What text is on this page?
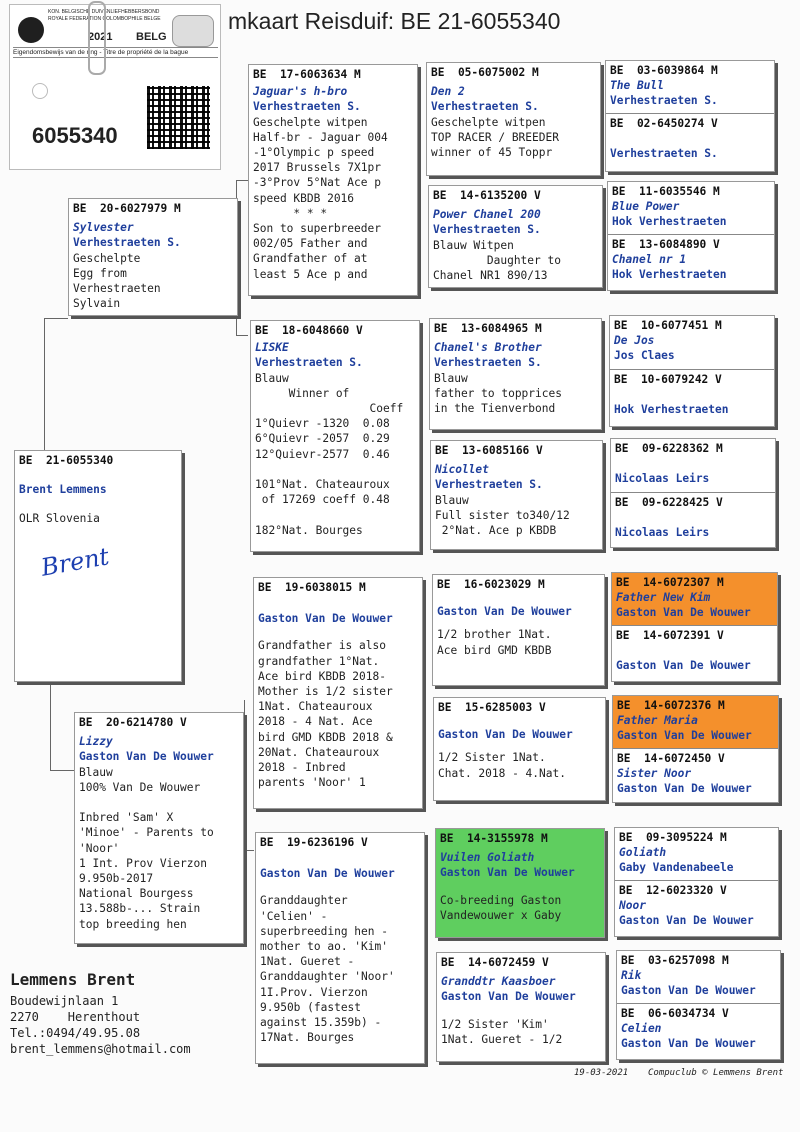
mkaart Reisduif: BE 21-6055340
KON. BELGISCHE DUIVENLIEFHEBBERSBOND
ROYALE FEDERATION COLOMBOPHILE BELGE
2021 BELG
Eigendomsbewijs van de ring - Titre de propriété de la bague
6055340
BE  21-6055340
Brent Lemmens
OLR Slovenia
Brent
BE  20-6027979 M
Sylvester
Verhestraeten S.
Geschelpte
Egg from
Verhestraeten
Sylvain
BE  20-6214780 V
Lizzy
Gaston Van De Wouwer
Blauw
100% Van De Wouwer

Inbred 'Sam' X
'Minoe' - Parents to
'Noor'
1 Int. Prov Vierzon
9.950b-2017
National Bourgess
13.588b-... Strain
top breeding hen
BE  17-6063634 M
Jaguar's h-bro
Verhestraeten S.
Geschelpte witpen
Half-br - Jaguar 004
-1°Olympic p speed
2017 Brussels 7X1pr
-3°Prov 5°Nat Ace p
speed KBDB 2016
* * *
Son to superbreeder
002/05 Father and
Grandfather of at
least 5 Ace p and
BE  18-6048660 V
LISKE
Verhestraeten S.
Blauw
Winner of
Coeff
1°Quievr -1320  0.08
6°Quievr -2057  0.29
12°Quievr-2577  0.46

101°Nat. Chateauroux
of 17269 coeff 0.48

182°Nat. Bourges
BE  19-6038015 M
Gaston Van De Wouwer
Grandfather is also
grandfather 1°Nat.
Ace bird KBDB 2018-
Mother is 1/2 sister
1Nat. Chateauroux
2018 - 4 Nat. Ace
bird GMD KBDB 2018 &
20Nat. Chateauroux
2018 - Inbred
parents 'Noor' 1
BE  19-6236196 V
Gaston Van De Wouwer
Granddaughter
'Celien' -
superbreeding hen -
mother to ao. 'Kim'
1Nat. Gueret -
Granddaughter 'Noor'
1I.Prov. Vierzon
9.950b (fastest
against 15.359b) -
17Nat. Bourges
BE  05-6075002 M
Den 2
Verhestraeten S.
Geschelpte witpen
TOP RACER / BREEDER
winner of 45 Toppr
BE  14-6135200 V
Power Chanel 200
Verhestraeten S.
Blauw Witpen
Daughter to
Chanel NR1 890/13
BE  13-6084965 M
Chanel's Brother
Verhestraeten S.
Blauw
father to topprices
in the Tienverbond
BE  13-6085166 V
Nicollet
Verhestraeten S.
Blauw
Full sister to340/12
2°Nat. Ace p KBDB
BE  16-6023029 M
Gaston Van De Wouwer
1/2 brother 1Nat.
Ace bird GMD KBDB
BE  15-6285003 V
Gaston Van De Wouwer
1/2 Sister 1Nat.
Chat. 2018 - 4.Nat.
BE  14-3155978 M
Vuilen Goliath
Gaston Van De Wouwer
Co-breeding Gaston
Vandewouwer x Gaby
BE  14-6072459 V
Granddtr Kaasboer
Gaston Van De Wouwer
1/2 Sister 'Kim'
1Nat. Gueret - 1/2
BE  03-6039864 M
The Bull
Verhestraeten S.
BE  02-6450274 V
Verhestraeten S.
BE  11-6035546 M
Blue Power
Hok Verhestraeten
BE  13-6084890 V
Chanel nr 1
Hok Verhestraeten
BE  10-6077451 M
De Jos
Jos Claes
BE  10-6079242 V
Hok Verhestraeten
BE  09-6228362 M
Nicolaas Leirs
BE  09-6228425 V
Nicolaas Leirs
BE  14-6072307 M
Father New Kim
Gaston Van De Wouwer
BE  14-6072391 V
Gaston Van De Wouwer
BE  14-6072376 M
Father Maria
Gaston Van De Wouwer
BE  14-6072450 V
Sister Noor
Gaston Van De Wouwer
BE  09-3095224 M
Goliath
Gaby Vandenabeele
BE  12-6023320 V
Noor
Gaston Van De Wouwer
BE  03-6257098 M
Rik
Gaston Van De Wouwer
BE  06-6034734 V
Celien
Gaston Van De Wouwer
Lemmens Brent
Boudewijnlaan 1
2270    Herenthout
Tel.:0494/49.95.08
brent_lemmens@hotmail.com
19-03-2021 Compuclub © Lemmens Brent
